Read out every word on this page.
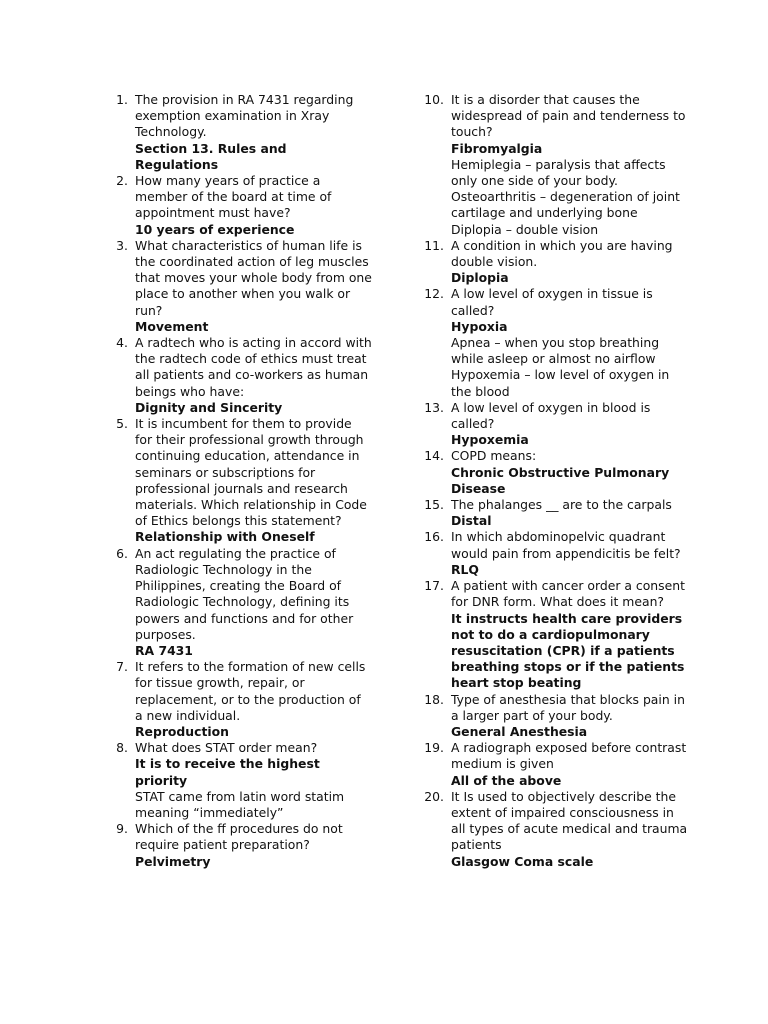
1. The provision in RA 7431 regarding exemption examination in Xray Technology.
Section 13. Rules and Regulations
2. How many years of practice a member of the board at time of appointment must have?
10 years of experience
3. What characteristics of human life is the coordinated action of leg muscles that moves your whole body from one place to another when you walk or run?
Movement
4. A radtech who is acting in accord with the radtech code of ethics must treat all patients and co-workers as human beings who have:
Dignity and Sincerity
5. It is incumbent for them to provide for their professional growth through continuing education, attendance in seminars or subscriptions for professional journals and research materials. Which relationship in Code of Ethics belongs this statement?
Relationship with Oneself
6. An act regulating the practice of Radiologic Technology in the Philippines, creating the Board of Radiologic Technology, defining its powers and functions and for other purposes.
RA 7431
7. It refers to the formation of new cells for tissue growth, repair, or replacement, or to the production of a new individual.
Reproduction
8. What does STAT order mean?
It is to receive the highest priority
STAT came from latin word statim meaning “immediately”
9. Which of the ff procedures do not require patient preparation?
Pelvimetry
10. It is a disorder that causes the widespread of pain and tenderness to touch?
Fibromyalgia
Hemiplegia – paralysis that affects only one side of your body.
Osteoarthritis – degeneration of joint cartilage and underlying bone
Diplopia – double vision
11. A condition in which you are having double vision.
Diplopia
12. A low level of oxygen in tissue is called?
Hypoxia
Apnea – when you stop breathing while asleep or almost no airflow
Hypoxemia – low level of oxygen in the blood
13. A low level of oxygen in blood is called?
Hypoxemia
14. COPD means:
Chronic Obstructive Pulmonary Disease
15. The phalanges __ are to the carpals
Distal
16. In which abdominopelvic quadrant would pain from appendicitis be felt?
RLQ
17. A patient with cancer order a consent for DNR form. What does it mean?
It instructs health care providers not to do a cardiopulmonary resuscitation (CPR) if a patients breathing stops or if the patients heart stop beating
18. Type of anesthesia that blocks pain in a larger part of your body.
General Anesthesia
19. A radiograph exposed before contrast medium is given
All of the above
20. It Is used to objectively describe the extent of impaired consciousness in all types of acute medical and trauma patients
Glasgow Coma scale
